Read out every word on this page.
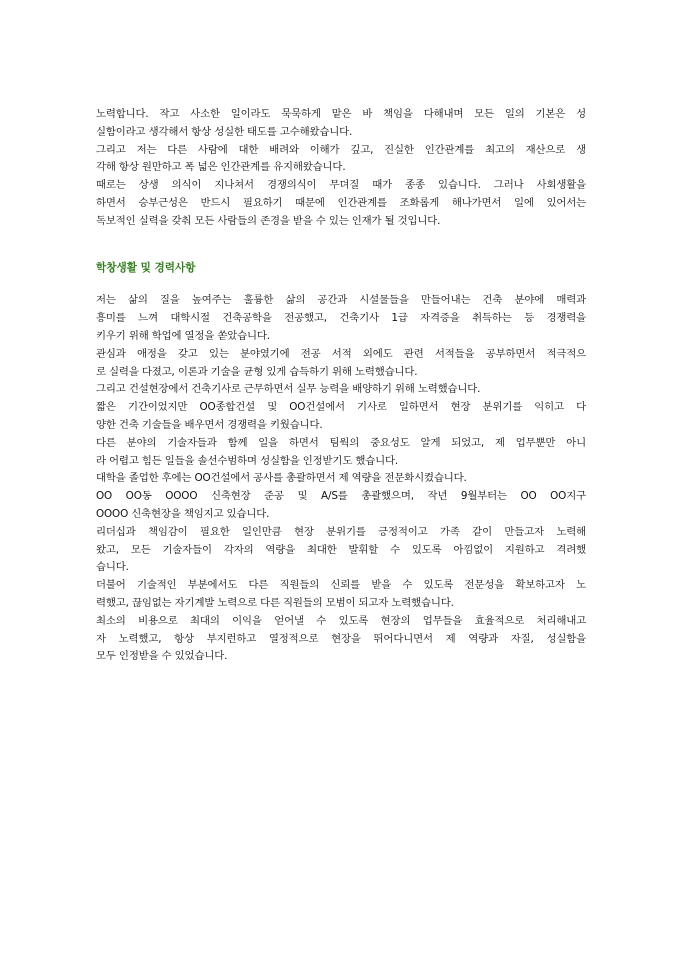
노력합니다. 작고 사소한 일이라도 묵묵하게 맡은 바 책임을 다해내며 모든 일의 기본은 성
실함이라고 생각해서 항상 성실한 태도를 고수해왔습니다.
그리고 저는 다른 사람에 대한 배려와 이해가 깊고, 진실한 인간관계를 최고의 재산으로 생
각해 항상 원만하고 폭 넓은 인간관계를 유지해왔습니다.
때로는 상생 의식이 지나쳐서 경쟁의식이 무뎌질 때가 종종 있습니다. 그러나 사회생활을
하면서 승부근성은 반드시 필요하기 때문에 인간관계를 조화롭게 해나가면서 일에 있어서는
독보적인 실력을 갖춰 모든 사람들의 존경을 받을 수 있는 인재가 될 것입니다.
학창생활 및 경력사항
저는 삶의 질을 높여주는 훌륭한 삶의 공간과 시설물들을 만들어내는 건축 분야에 매력과
흥미를 느껴 대학시절 건축공학을 전공했고, 건축기사 1급 자격증을 취득하는 등 경쟁력을
키우기 위해 학업에 열정을 쏟았습니다.
관심과 애정을 갖고 있는 분야였기에 전공 서적 외에도 관련 서적들을 공부하면서 적극적으
로 실력을 다졌고, 이론과 기술을 균형 있게 습득하기 위해 노력했습니다.
그리고 건설현장에서 건축기사로 근무하면서 실무 능력을 배양하기 위해 노력했습니다.
짧은 기간이었지만 OO종합건설 및 OO건설에서 기사로 일하면서 현장 분위기를 익히고 다
양한 건축 기술들을 배우면서 경쟁력을 키웠습니다.
다른 분야의 기술자들과 함께 일을 하면서 팀웍의 중요성도 알게 되었고, 제 업무뿐만 아니
라 어렵고 힘든 일들을 솔선수범하며 성실함을 인정받기도 했습니다.
대학을 졸업한 후에는 OO건설에서 공사를 총괄하면서 제 역량을 전문화시켰습니다.
OO OO동 OOOO 신축현장 준공 및 A/S를 총괄했으며, 작년 9월부터는 OO OO지구
OOOO 신축현장을 책임지고 있습니다.
리더십과 책임감이 필요한 일인만큼 현장 분위기를 긍정적이고 가족 같이 만들고자 노력해
왔고, 모든 기술자들이 각자의 역량을 최대한 발휘할 수 있도록 아낌없이 지원하고 격려했
습니다.
더불어 기술적인 부분에서도 다른 직원들의 신뢰를 받을 수 있도록 전문성을 확보하고자 노
력했고, 끊임없는 자기계발 노력으로 다른 직원들의 모범이 되고자 노력했습니다.
최소의 비용으로 최대의 이익을 얻어낼 수 있도록 현장의 업무들을 효율적으로 처리해내고
자 노력했고, 항상 부지런하고 열정적으로 현장을 뛰어다니면서 제 역량과 자질, 성실함을
모두 인정받을 수 있었습니다.
